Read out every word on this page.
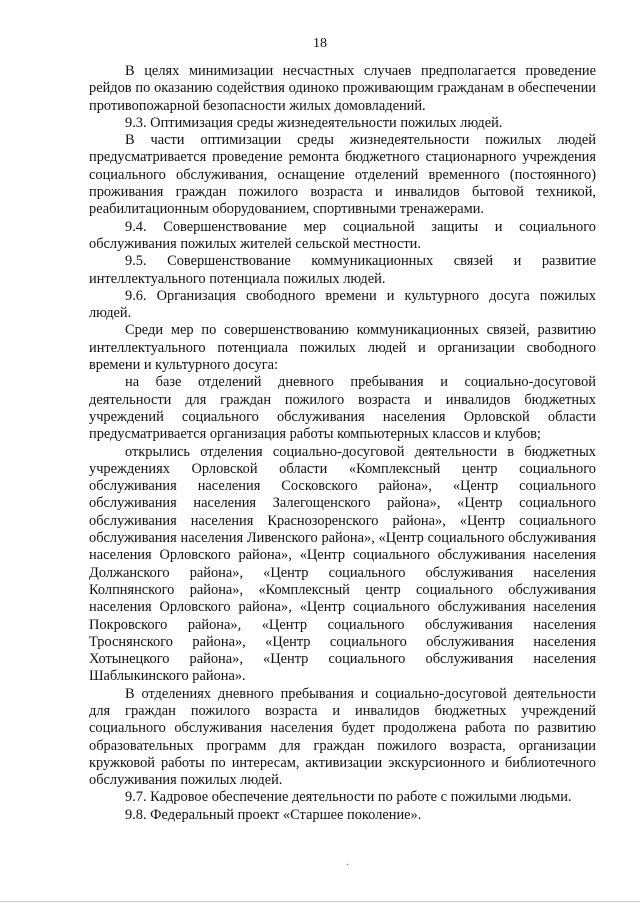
18

В целях минимизации несчастных случаев предполагается проведение рейдов по оказанию содействия одиноко проживающим гражданам в обеспечении противопожарной безопасности жилых домовладений.

9.3. Оптимизация среды жизнедеятельности пожилых людей.

В части оптимизации среды жизнедеятельности пожилых людей предусматривается проведение ремонта бюджетного стационарного учреждения социального обслуживания, оснащение отделений временного (постоянного) проживания граждан пожилого возраста и инвалидов бытовой техникой, реабилитационным оборудованием, спортивными тренажерами.

9.4. Совершенствование мер социальной защиты и социального обслуживания пожилых жителей сельской местности.

9.5. Совершенствование коммуникационных связей и развитие интеллектуального потенциала пожилых людей.

9.6. Организация свободного времени и культурного досуга пожилых людей.

Среди мер по совершенствованию коммуникационных связей, развитию интеллектуального потенциала пожилых людей и организации свободного времени и культурного досуга:

на базе отделений дневного пребывания и социально-досуговой деятельности для граждан пожилого возраста и инвалидов бюджетных учреждений социального обслуживания населения Орловской области предусматривается организация работы компьютерных классов и клубов;

открылись отделения социально-досуговой деятельности в бюджетных учреждениях Орловской области «Комплексный центр социального обслуживания населения Сосковского района», «Центр социального обслуживания населения Залегощенского района», «Центр социального обслуживания населения Краснозоренского района», «Центр социального обслуживания населения Ливенского района», «Центр социального обслуживания населения Орловского района», «Центр социального обслуживания населения Должанского района», «Центр социального обслуживания населения Колпнянского района», «Комплексный центр социального обслуживания населения Орловского района», «Центр социального обслуживания населения Покровского района», «Центр социального обслуживания населения Троснянского района», «Центр социального обслуживания населения Хотынецкого района», «Центр социального обслуживания населения Шаблыкинского района».

В отделениях дневного пребывания и социально-досуговой деятельности для граждан пожилого возраста и инвалидов бюджетных учреждений социального обслуживания населения будет продолжена работа по развитию образовательных программ для граждан пожилого возраста, организации кружковой работы по интересам, активизации экскурсионного и библиотечного обслуживания пожилых людей.

9.7. Кадровое обеспечение деятельности по работе с пожилыми людьми.

9.8. Федеральный проект «Старшее поколение».

·
